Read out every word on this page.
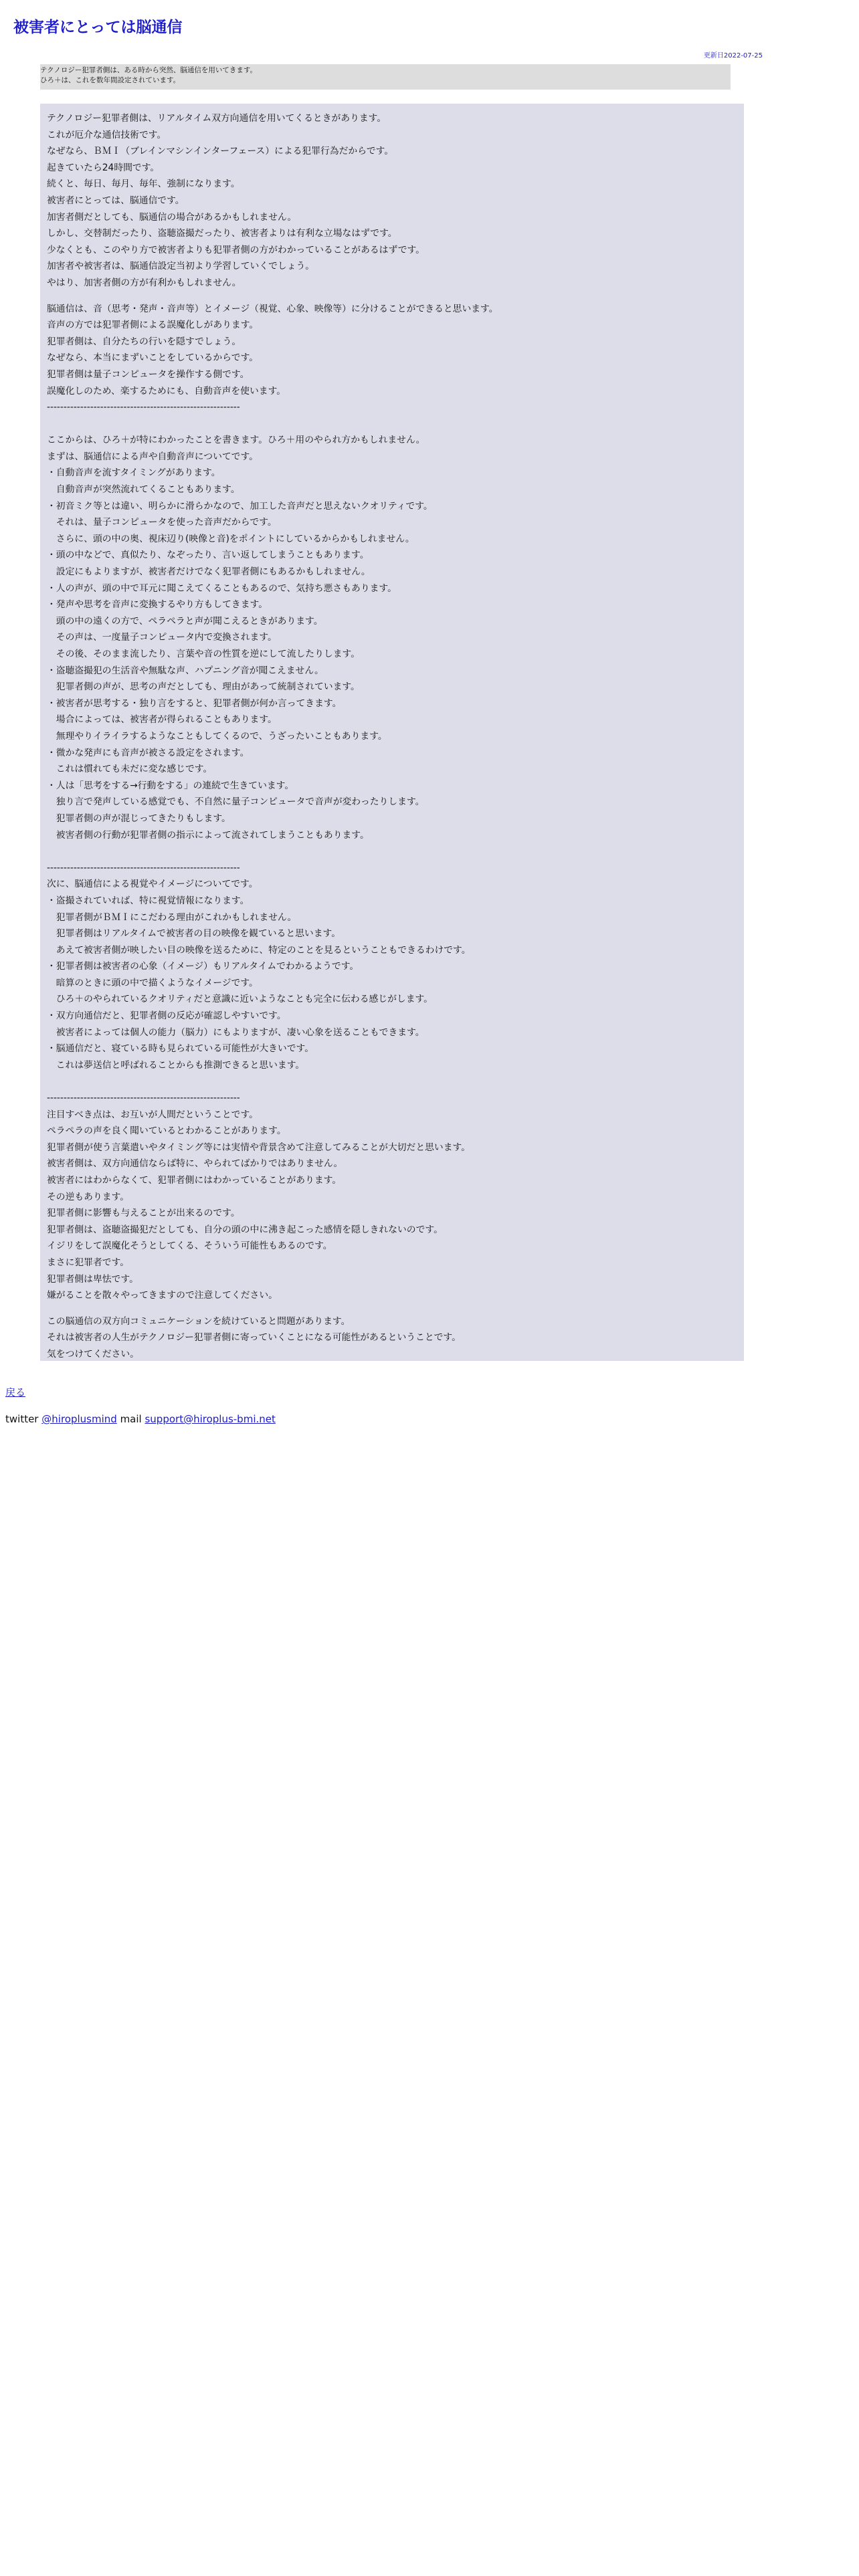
被害者にとっては脳通信
更新日2022-07-25
テクノロジー犯罪者側は、ある時から突然、脳通信を用いてきます。
ひろ＋は、これを数年間設定されています。
テクノロジー犯罪者側は、リアルタイム双方向通信を用いてくるときがあります。
これが厄介な通信技術です。
なぜなら、ＢＭＩ（ブレインマシンインターフェース）による犯罪行為だからです。
起きていたら24時間です。
続くと、毎日、毎月、毎年、強制になります。
被害者にとっては、脳通信です。
加害者側だとしても、脳通信の場合があるかもしれません。
しかし、交替制だったり、盗聴盗撮だったり、被害者よりは有利な立場なはずです。
少なくとも、このやり方で被害者よりも犯罪者側の方がわかっていることがあるはずです。
加害者や被害者は、脳通信設定当初より学習していくでしょう。
やはり、加害者側の方が有利かもしれません。
脳通信は、音（思考・発声・音声等）とイメージ（視覚、心象、映像等）に分けることができると思います。
音声の方では犯罪者側による誤魔化しがあります。
犯罪者側は、自分たちの行いを隠すでしょう。
なぜなら、本当にまずいことをしているからです。
犯罪者側は量子コンピュータを操作する側です。
誤魔化しのため、楽するためにも、自動音声を使います。
----------------------------------------------------------
ここからは、ひろ＋が特にわかったことを書きます。ひろ＋用のやられ方かもしれません。
まずは、脳通信による声や自動音声についてです。
・自動音声を流すタイミングがあります。
　自動音声が突然流れてくることもあります。
・初音ミク等とは違い、明らかに滑らかなので、加工した音声だと思えないクオリティです。
　それは、量子コンピュータを使った音声だからです。
　さらに、頭の中の奥、視床辺り(映像と音)をポイントにしているからかもしれません。
・頭の中などで、真似たり、なぞったり、言い返してしまうこともあります。
　設定にもよりますが、被害者だけでなく犯罪者側にもあるかもしれません。
・人の声が、頭の中で耳元に聞こえてくることもあるので、気持ち悪さもあります。
・発声や思考を音声に変換するやり方もしてきます。
　頭の中の遠くの方で、ペラペラと声が聞こえるときがあります。
　その声は、一度量子コンピュータ内で変換されます。
　その後、そのまま流したり、言葉や音の性質を逆にして流したりします。
・盗聴盗撮犯の生活音や無駄な声、ハプニング音が聞こえません。
　犯罪者側の声が、思考の声だとしても、理由があって統制されています。
・被害者が思考する・独り言をすると、犯罪者側が何か言ってきます。
　場合によっては、被害者が得られることもあります。
　無理やりイライラするようなこともしてくるので、うざったいこともあります。
・微かな発声にも音声が被さる設定をされます。
　これは慣れても未だに変な感じです。
・人は「思考をする→行動をする」の連続で生きています。
　独り言で発声している感覚でも、不自然に量子コンピュータで音声が変わったりします。
　犯罪者側の声が混じってきたりもします。
　被害者側の行動が犯罪者側の指示によって流されてしまうこともあります。
----------------------------------------------------------
次に、脳通信による視覚やイメージについてです。
・盗撮されていれば、特に視覚情報になります。
　犯罪者側がＢＭＩにこだわる理由がこれかもしれません。
　犯罪者側はリアルタイムで被害者の目の映像を観ていると思います。
　あえて被害者側が映したい目の映像を送るために、特定のことを見るということもできるわけです。
・犯罪者側は被害者の心象（イメージ）もリアルタイムでわかるようです。
　暗算のときに頭の中で描くようなイメージです。
　ひろ＋のやられているクオリティだと意識に近いようなことも完全に伝わる感じがします。
・双方向通信だと、犯罪者側の反応が確認しやすいです。
　被害者によっては個人の能力（脳力）にもよりますが、凄い心象を送ることもできます。
・脳通信だと、寝ている時も見られている可能性が大きいです。
　これは夢送信と呼ばれることからも推測できると思います。
----------------------------------------------------------
注目すべき点は、お互いが人間だということです。
ペラペラの声を良く聞いているとわかることがあります。
犯罪者側が使う言葉遣いやタイミング等には実情や背景含めて注意してみることが大切だと思います。
被害者側は、双方向通信ならば特に、やられてばかりではありません。
被害者にはわからなくて、犯罪者側にはわかっていることがあります。
その逆もあります。
犯罪者側に影響も与えることが出来るのです。
犯罪者側は、盗聴盗撮犯だとしても、自分の頭の中に沸き起こった感情を隠しきれないのです。
イジリをして誤魔化そうとしてくる、そういう可能性もあるのです。
まさに犯罪者です。
犯罪者側は卑怯です。
嫌がることを散々やってきますので注意してください。
この脳通信の双方向コミュニケーションを続けていると問題があります。
それは被害者の人生がテクノロジー犯罪者側に寄っていくことになる可能性があるということです。
気をつけてください。
戻る
twitter @hiroplusmind mail support@hiroplus-bmi.net
